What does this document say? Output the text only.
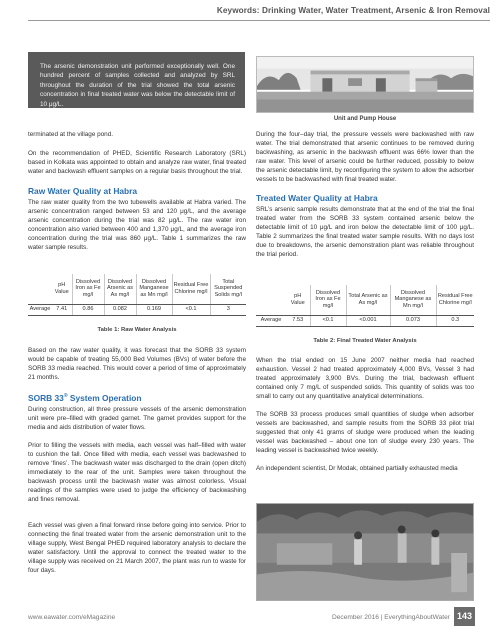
Keywords: Drinking Water, Water Treatment, Arsenic & Iron Removal

The arsenic demonstration unit performed exceptionally well. One hundred percent of samples collected and analyzed by SRL throughout the duration of the trial showed the total arsenic concentration in final treated water was below the detectable limit of 10 μg/L.

Unit and Pump House

terminated at the village pond.

On the recommendation of PHED, Scientific Research Laboratory (SRL) based in Kolkata was appointed to obtain and analyze raw water, final treated water and backwash effluent samples on a regular basis throughout the trial.

Raw Water Quality at Habra

The raw water quality from the two tubewells available at Habra varied. The arsenic concentration ranged between 53 and 120 μg/L, and the average arsenic concentration during the trial was 82 μg/L. The raw water iron concentration also varied between 400 and 1,370 μg/L, and the average iron concentration during the trial was 860 μg/L. Table 1 summarizes the raw water sample results.

	pH Value	Dissolved Iron as Fe mg/l	Dissolved Arsenic as As mg/l	Dissolved Manganese as Mn mg/l	Residual Free Chlorine mg/l	Total Suspended Solids mg/l
Average	7.41	0.86	0.082	0.169	<0.1	3
Table 1: Raw Water Analysis

Based on the raw water quality, it was forecast that the SORB 33 system would be capable of treating 55,000 Bed Volumes (BVs) of water before the SORB 33 media reached. This would cover a period of time of approximately 21 months.

SORB 33® System Operation

During construction, all three pressure vessels of the arsenic demonstration unit were pre–filled with graded garnet. The garnet provides support for the media and aids distribution of water flows.

Prior to filling the vessels with media, each vessel was half–filled with water to cushion the fall. Once filled with media, each vessel was backwashed to remove ‘fines’. The backwash water was discharged to the drain (open ditch) immediately to the rear of the unit. Samples were taken throughout the backwash process until the backwash water was almost colorless. Visual readings of the samples were used to judge the efficiency of backwashing and fines removal.

Each vessel was given a final forward rinse before going into service. Prior to connecting the final treated water from the arsenic demonstration unit to the village supply, West Bengal PHED required laboratory analysis to declare the water satisfactory. Until the approval to connect the treated water to the village supply was received on 21 March 2007, the plant was run to waste for four days.

During the four–day trial, the pressure vessels were backwashed with raw water. The trial demonstrated that arsenic continues to be removed during backwashing, as arsenic in the backwash effluent was 66% lower than the raw water. This level of arsenic could be further reduced, possibly to below the arsenic detectable limit, by reconfiguring the system to allow the adsorber vessels to be backwashed with final treated water.

Treated Water Quality at Habra

SRL’s arsenic sample results demonstrate that at the end of the trial the final treated water from the SORB 33 system contained arsenic below the detectable limit of 10 μg/L and iron below the detectable limit of 100 μg/L. Table 2 summarizes the final treated water sample results. With no days lost due to breakdowns, the arsenic demonstration plant was reliable throughout the trial period.

	pH Value	Dissolved Iron as Fe mg/l	Total Arsenic as As mg/l	Dissolved Manganese as Mn mg/l	Residual Free Chlorine mg/l
Average	7.53	<0.1	<0.001	0.073	0.3
Table 2: Final Treated Water Analysis

When the trial ended on 15 June 2007 neither media had reached exhaustion. Vessel 2 had treated approximately 4,000 BVs, Vessel 3 had treated approximately 3,900 BVs. During the trial, backwash effluent contained only 7 mg/L of suspended solids. This quantity of solids was too small to carry out any quantitative analytical determinations.

The SORB 33 process produces small quantities of sludge when adsorber vessels are backwashed, and sample results from the SORB 33 pilot trial suggested that only 41 grams of sludge were produced when the leading vessel was backwashed – about one ton of sludge every 230 years. The leading vessel is backwashed twice weekly.

An independent scientist, Dr Modak, obtained partially exhausted media

www.eawater.com/eMagazine	December 2016 | EverythingAboutWater 143
